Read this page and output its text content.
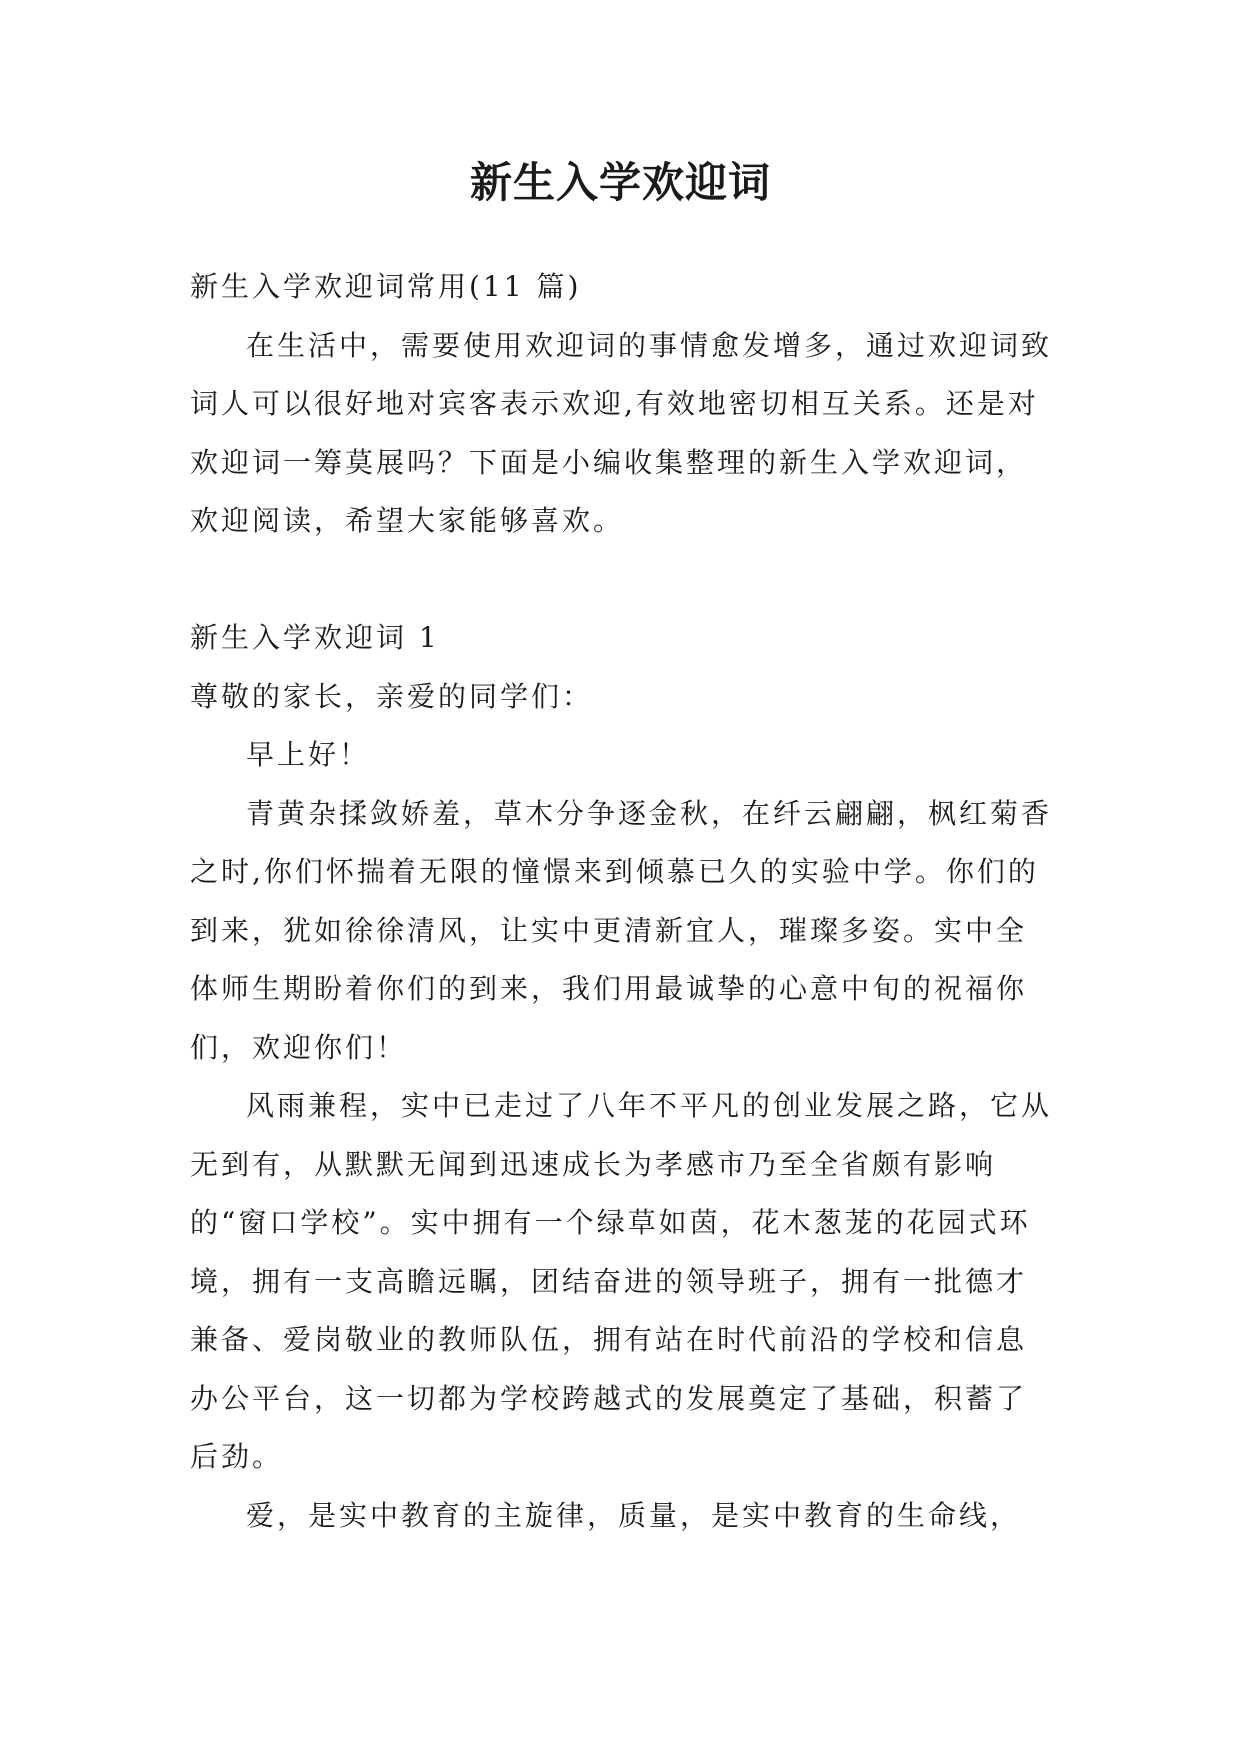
新生入学欢迎词

新生入学欢迎词常用(11 篇)

在生活中，需要使用欢迎词的事情愈发增多，通过欢迎词致词人可以很好地对宾客表示欢迎,有效地密切相互关系。还是对欢迎词一筹莫展吗？下面是小编收集整理的新生入学欢迎词，欢迎阅读，希望大家能够喜欢。

新生入学欢迎词 1

尊敬的家长，亲爱的同学们：

早上好！

青黄杂揉敛娇羞，草木分争逐金秋，在纤云翩翩，枫红菊香之时,你们怀揣着无限的憧憬来到倾慕已久的实验中学。你们的到来，犹如徐徐清风，让实中更清新宜人，璀璨多姿。实中全体师生期盼着你们的到来，我们用最诚挚的心意中旬的祝福你们，欢迎你们！

风雨兼程，实中已走过了八年不平凡的创业发展之路，它从无到有，从默默无闻到迅速成长为孝感市乃至全省颇有影响的“窗口学校”。实中拥有一个绿草如茵，花木葱茏的花园式环境，拥有一支高瞻远瞩，团结奋进的领导班子，拥有一批德才兼备、爱岗敬业的教师队伍，拥有站在时代前沿的学校和信息办公平台，这一切都为学校跨越式的发展奠定了基础，积蓄了后劲。

爱，是实中教育的主旋律，质量，是实中教育的生命线，
